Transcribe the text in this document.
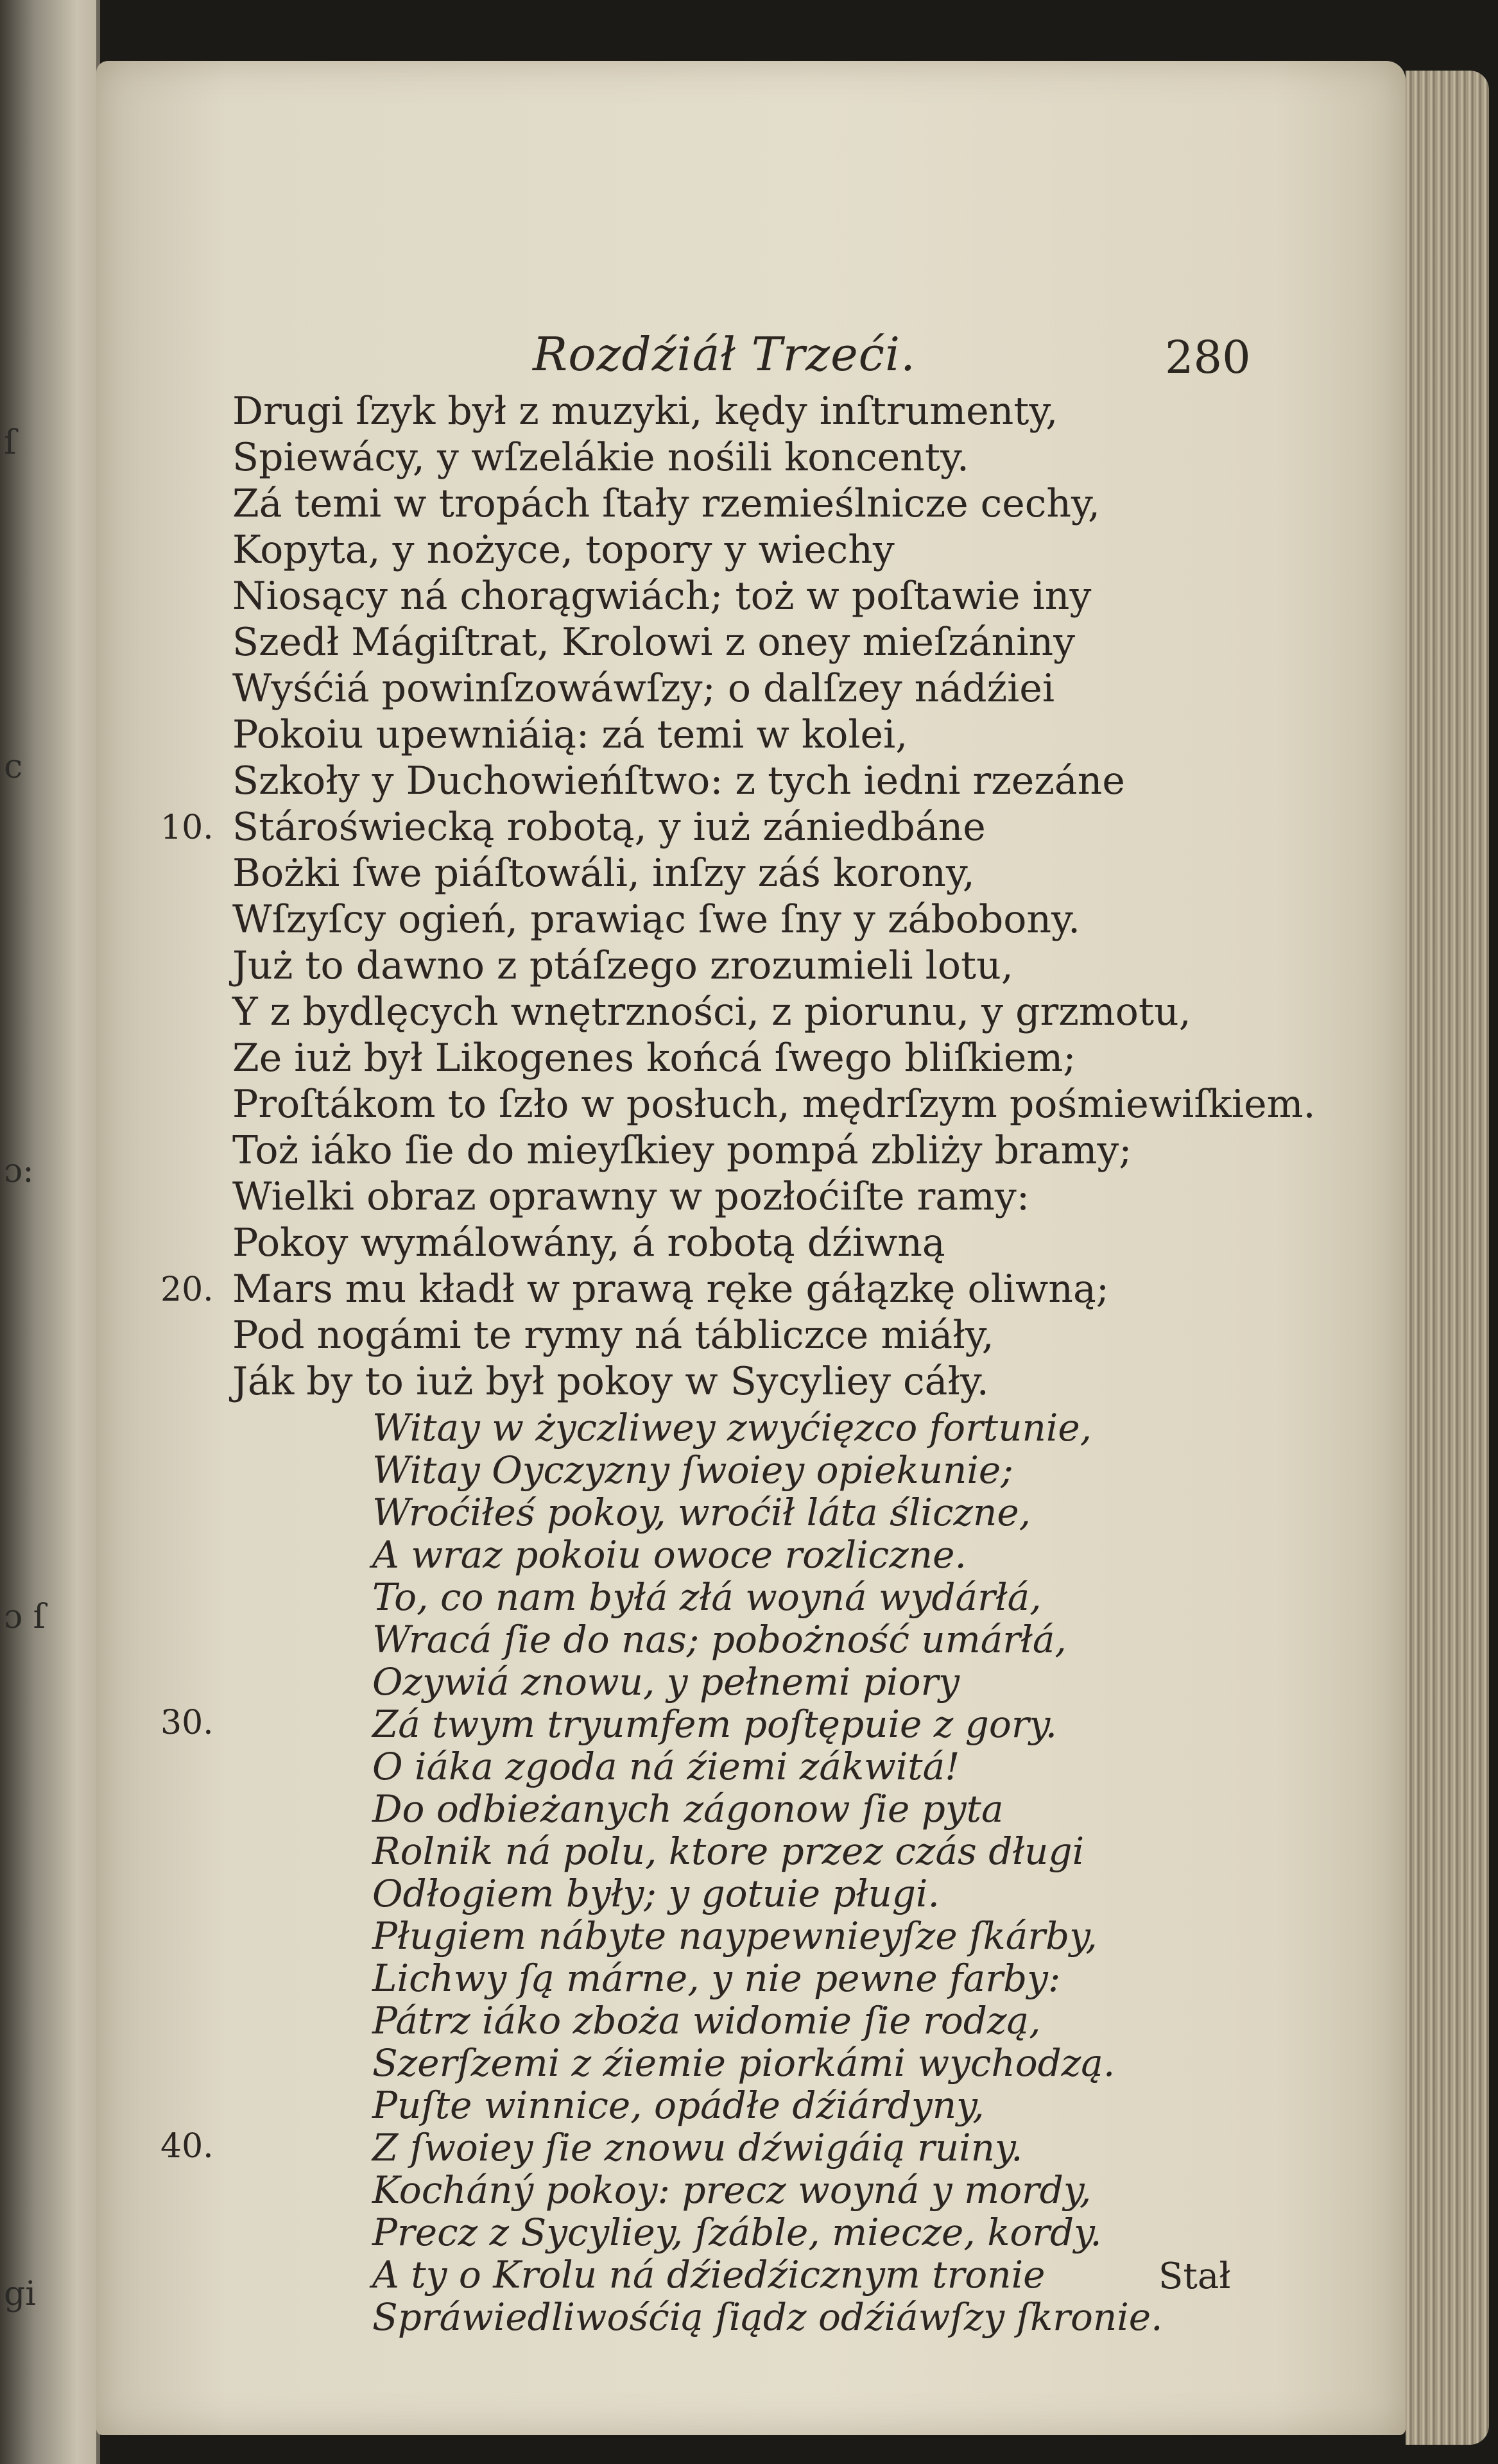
ſ
c
ɔ:
ɔ ſ
gi
Rozdźiáł Trzeći.	280
Drugi ſzyk był z muzyki, kędy inſtrumenty,
Spiewácy, y wſzelákie nośili koncenty.
Zá temi w tropách ſtały rzemieślnicze cechy,
Kopyta, y nożyce, topory y wiechy
Niosący ná chorągwiách; toż w poſtawie iny
Szedł Mágiſtrat, Krolowi z oney mieſzániny
Wyśćiá powinſzowáwſzy; o dalſzey nádźiei
Pokoiu upewniáią: zá temi w kolei,
Szkoły y Duchowieńſtwo: z tych iedni rzezáne
Stároświecką robotą, y iuż zániedbáne
Bożki ſwe piáſtowáli, inſzy záś korony,
Wſzyſcy ogień, prawiąc ſwe ſny y zábobony.
Już to dawno z ptáſzego zrozumieli lotu,
Y z bydlęcych wnętrzności, z piorunu, y grzmotu,
Ze iuż był Likogenes końcá ſwego bliſkiem;
Proſtákom to ſzło w posłuch, mędrſzym pośmiewiſkiem.
Toż iáko ſie do mieyſkiey pompá zbliży bramy;
Wielki obraz oprawny w pozłoćiſte ramy:
Pokoy wymálowány, á robotą dźiwną
Mars mu kładł w prawą ręke gáłązkę oliwną;
Pod nogámi te rymy ná tábliczce miáły,
Ják by to iuż był pokoy w Sycyliey cáły.
Witay w życzliwey zwyćięzco fortunie,
Witay Oyczyzny ſwoiey opiekunie;
Wroćiłeś pokoy, wroćił láta śliczne,
A wraz pokoiu owoce rozliczne.
To, co nam byłá złá woyná wydárłá,
Wracá ſie do nas; pobożność umárłá,
Ozywiá znowu, y pełnemi piory
Zá twym tryumfem poſtępuie z gory.
O iáka zgoda ná źiemi zákwitá!
Do odbieżanych zágonow ſie pyta
Rolnik ná polu, ktore przez czás długi
Odłogiem były; y gotuie pługi.
Pługiem nábyte naypewnieyſze ſkárby,
Lichwy ſą márne, y nie pewne farby:
Pátrz iáko zboża widomie ſie rodzą,
Szerſzemi z źiemie piorkámi wychodzą.
Puſte winnice, opádłe dźiárdyny,
Z ſwoiey ſie znowu dźwigáią ruiny.
Kocháný pokoy: precz woyná y mordy,
Precz z Sycyliey, ſzáble, miecze, kordy.
A ty o Krolu ná dźiedźicznym tronie
Spráwiedliwośćią ſiądz odźiáwſzy ſkronie.
10.
20.
30.
40.
Stał
